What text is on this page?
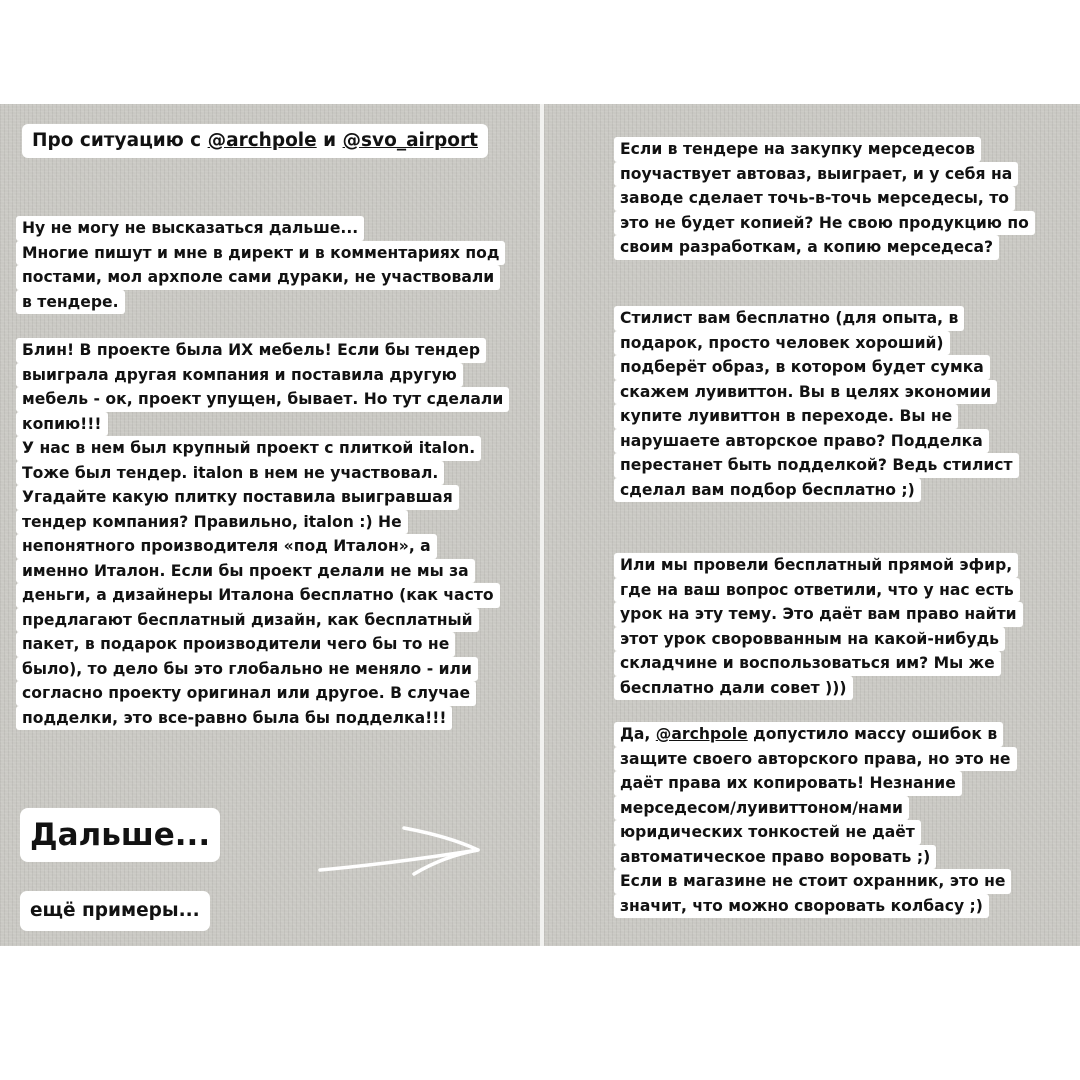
Про ситуацию с @archpole и @svo_airport
Ну не могу не высказаться дальше...
Многие пишут и мне в директ и в комментариях под
постами, мол архполе сами дураки, не участвовали
в тендере.
Блин! В проекте была ИХ мебель! Если бы тендер
выиграла другая компания и поставила другую
мебель - ок, проект упущен, бывает. Но тут сделали
копию!!!
У нас в нем был крупный проект с плиткой italon.
Тоже был тендер. italon в нем не участвовал.
Угадайте какую плитку поставила выигравшая
тендер компания? Правильно, italon :) Не
непонятного производителя «под Италон», а
именно Италон. Если бы проект делали не мы за
деньги, а дизайнеры Италона бесплатно (как часто
предлагают бесплатный дизайн, как бесплатный
пакет, в подарок производители чего бы то не
было), то дело бы это глобально не меняло - или
согласно проекту оригинал или другое. В случае
подделки, это все-равно была бы подделка!!!
Дальше...
ещё примеры...
Если в тендере на закупку мерседесов
поучаствует автоваз, выиграет, и у себя на
заводе сделает точь-в-точь мерседесы, то
это не будет копией? Не свою продукцию по
своим разработкам, а копию мерседеса?
Стилист вам бесплатно (для опыта, в
подарок, просто человек хороший)
подберёт образ, в котором будет сумка
скажем луивиттон. Вы в целях экономии
купите луивиттон в переходе. Вы не
нарушаете авторское право? Подделка
перестанет быть подделкой? Ведь стилист
сделал вам подбор бесплатно ;)
Или мы провели бесплатный прямой эфир,
где на ваш вопрос ответили, что у нас есть
урок на эту тему. Это даёт вам право найти
этот урок своровванным на какой-нибудь
складчине и воспользоваться им? Мы же
бесплатно дали совет )))
Да, @archpole допустило массу ошибок в
защите своего авторского права, но это не
даёт права их копировать! Незнание
мерседесом/луивиттоном/нами
юридических тонкостей не даёт
автоматическое право воровать ;)
Если в магазине не стоит охранник, это не
значит, что можно своровать колбасу ;)
